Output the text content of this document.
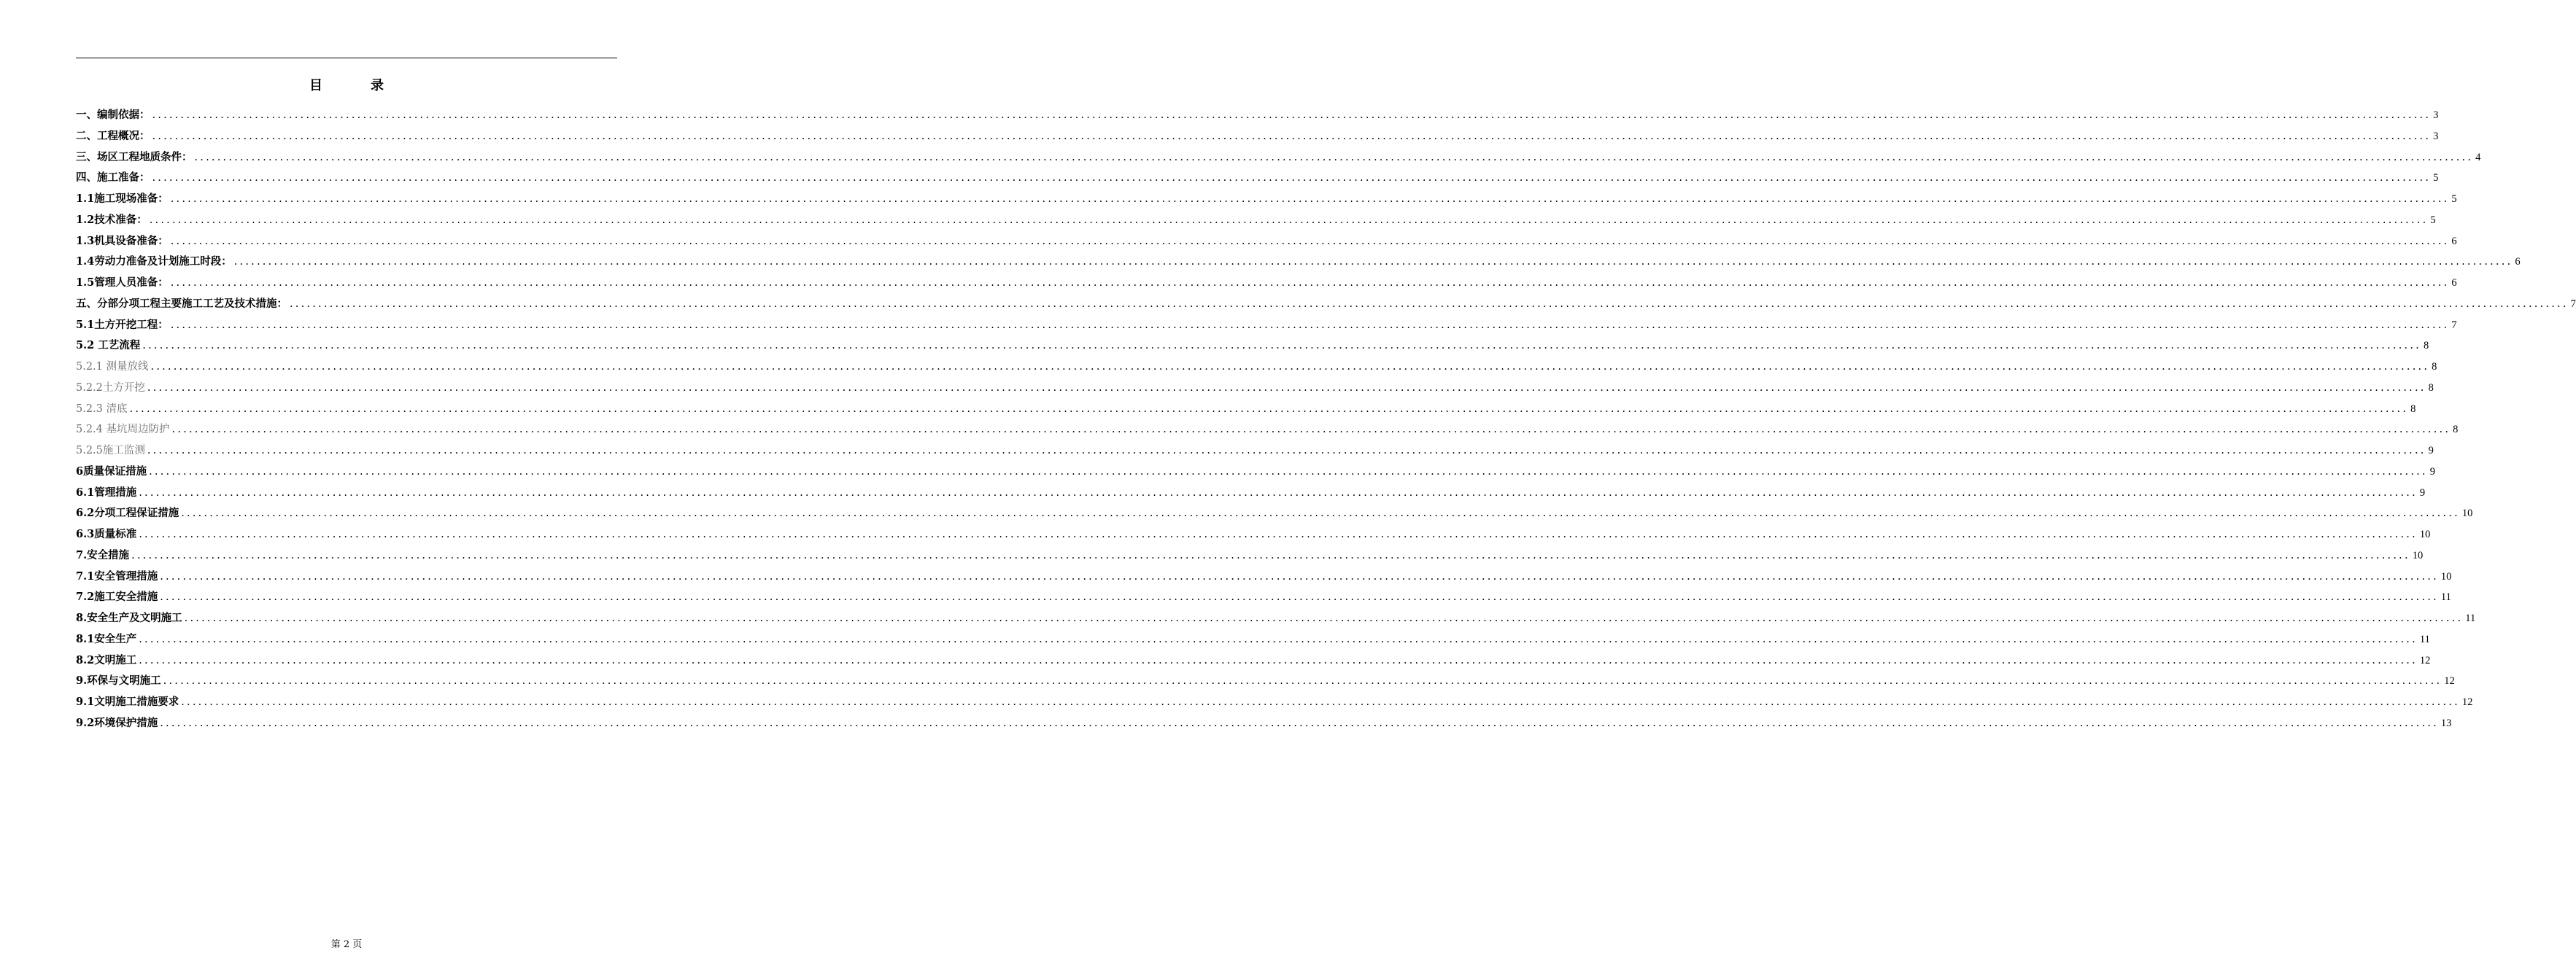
目　录
一、编制依据： ................................................................................................................................................................................................................................................................................................................................................................................................................ 3
二、工程概况： ................................................................................................................................................................................................................................................................................................................................................................................................................ 3
三、场区工程地质条件： ................................................................................................................................................................................................................................................................................................................................................................................................................ 4
四、施工准备： ................................................................................................................................................................................................................................................................................................................................................................................................................ 5
1.1施工现场准备： ................................................................................................................................................................................................................................................................................................................................................................................................................ 5
1.2技术准备： ................................................................................................................................................................................................................................................................................................................................................................................................................ 5
1.3机具设备准备： ................................................................................................................................................................................................................................................................................................................................................................................................................ 6
1.4劳动力准备及计划施工时段： ................................................................................................................................................................................................................................................................................................................................................................................................................ 6
1.5管理人员准备： ................................................................................................................................................................................................................................................................................................................................................................................................................ 6
五、分部分项工程主要施工工艺及技术措施： ................................................................................................................................................................................................................................................................................................................................................................................................................ 7
5.1土方开挖工程： ................................................................................................................................................................................................................................................................................................................................................................................................................ 7
5.2 工艺流程 ................................................................................................................................................................................................................................................................................................................................................................................................................ 8
5.2.1 测量放线 ................................................................................................................................................................................................................................................................................................................................................................................................................ 8
5.2.2土方开挖 ................................................................................................................................................................................................................................................................................................................................................................................................................ 8
5.2.3 清底 ................................................................................................................................................................................................................................................................................................................................................................................................................ 8
5.2.4 基坑周边防护 ................................................................................................................................................................................................................................................................................................................................................................................................................ 8
5.2.5施工监测 ................................................................................................................................................................................................................................................................................................................................................................................................................ 9
6质量保证措施 ................................................................................................................................................................................................................................................................................................................................................................................................................ 9
6.1管理措施 ................................................................................................................................................................................................................................................................................................................................................................................................................ 9
6.2分项工程保证措施 ................................................................................................................................................................................................................................................................................................................................................................................................................ 10
6.3质量标准 ................................................................................................................................................................................................................................................................................................................................................................................................................ 10
7.安全措施 ................................................................................................................................................................................................................................................................................................................................................................................................................ 10
7.1安全管理措施 ................................................................................................................................................................................................................................................................................................................................................................................................................ 10
7.2施工安全措施 ................................................................................................................................................................................................................................................................................................................................................................................................................ 11
8.安全生产及文明施工 ................................................................................................................................................................................................................................................................................................................................................................................................................ 11
8.1安全生产 ................................................................................................................................................................................................................................................................................................................................................................................................................ 11
8.2文明施工 ................................................................................................................................................................................................................................................................................................................................................................................................................ 12
9.环保与文明施工 ................................................................................................................................................................................................................................................................................................................................................................................................................ 12
9.1文明施工措施要求 ................................................................................................................................................................................................................................................................................................................................................................................................................ 12
9.2环境保护措施 ................................................................................................................................................................................................................................................................................................................................................................................................................ 13
第 2 页
